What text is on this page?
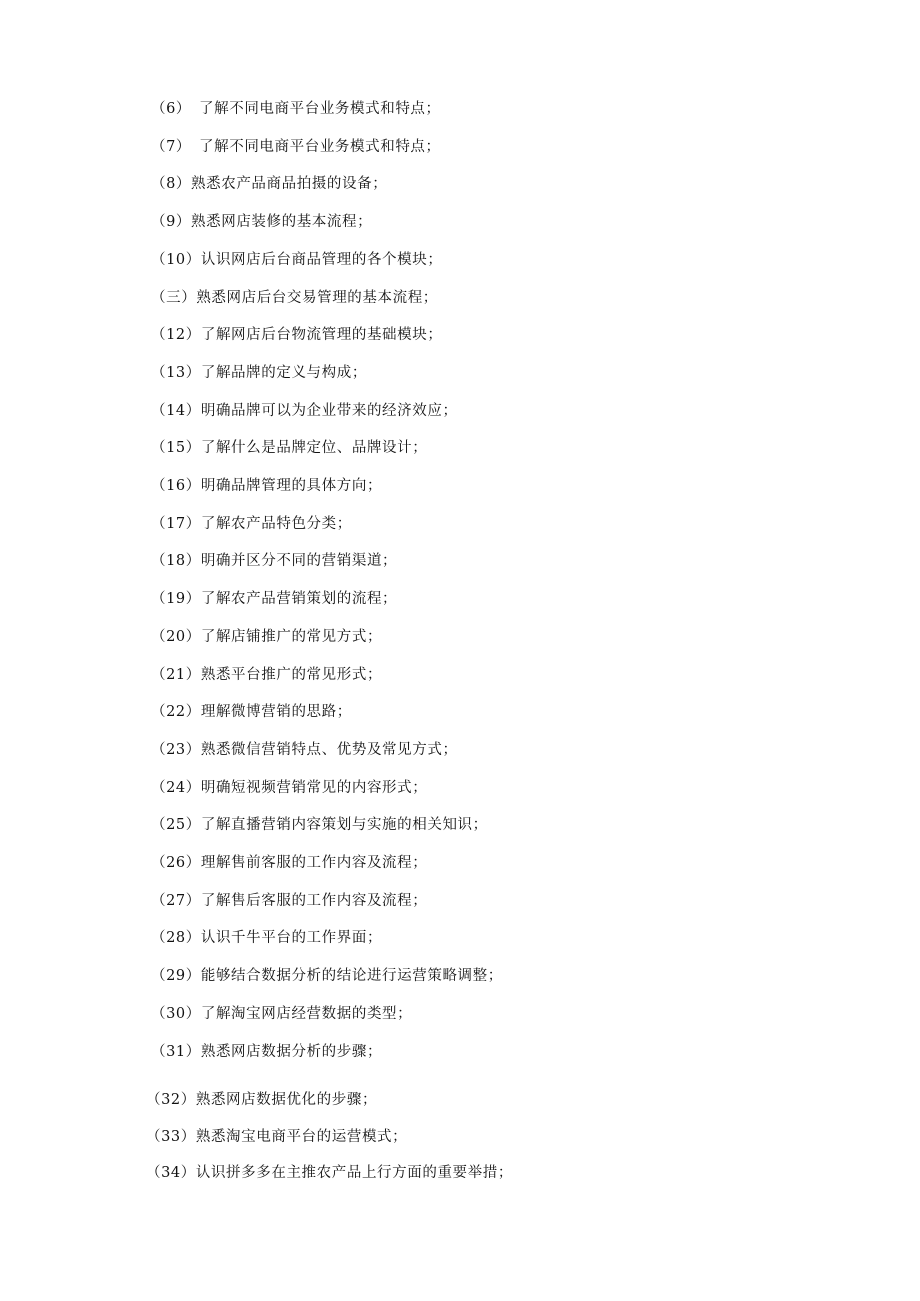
（6） 了解不同电商平台业务模式和特点；
（7） 了解不同电商平台业务模式和特点；
（8）熟悉农产品商品拍摄的设备；
（9）熟悉网店装修的基本流程；
（10）认识网店后台商品管理的各个模块；
（三）熟悉网店后台交易管理的基本流程；
（12）了解网店后台物流管理的基础模块；
（13）了解品牌的定义与构成；
（14）明确品牌可以为企业带来的经济效应；
（15）了解什么是品牌定位、品牌设计；
（16）明确品牌管理的具体方向；
（17）了解农产品特色分类；
（18）明确并区分不同的营销渠道；
（19）了解农产品营销策划的流程；
（20）了解店铺推广的常见方式；
（21）熟悉平台推广的常见形式；
（22）理解微博营销的思路；
（23）熟悉微信营销特点、优势及常见方式；
（24）明确短视频营销常见的内容形式；
（25）了解直播营销内容策划与实施的相关知识；
（26）理解售前客服的工作内容及流程；
（27）了解售后客服的工作内容及流程；
（28）认识千牛平台的工作界面；
（29）能够结合数据分析的结论进行运营策略调整；
（30）了解淘宝网店经营数据的类型；
（31）熟悉网店数据分析的步骤；
（32）熟悉网店数据优化的步骤；
（33）熟悉淘宝电商平台的运营模式；
（34）认识拼多多在主推农产品上行方面的重要举措；
